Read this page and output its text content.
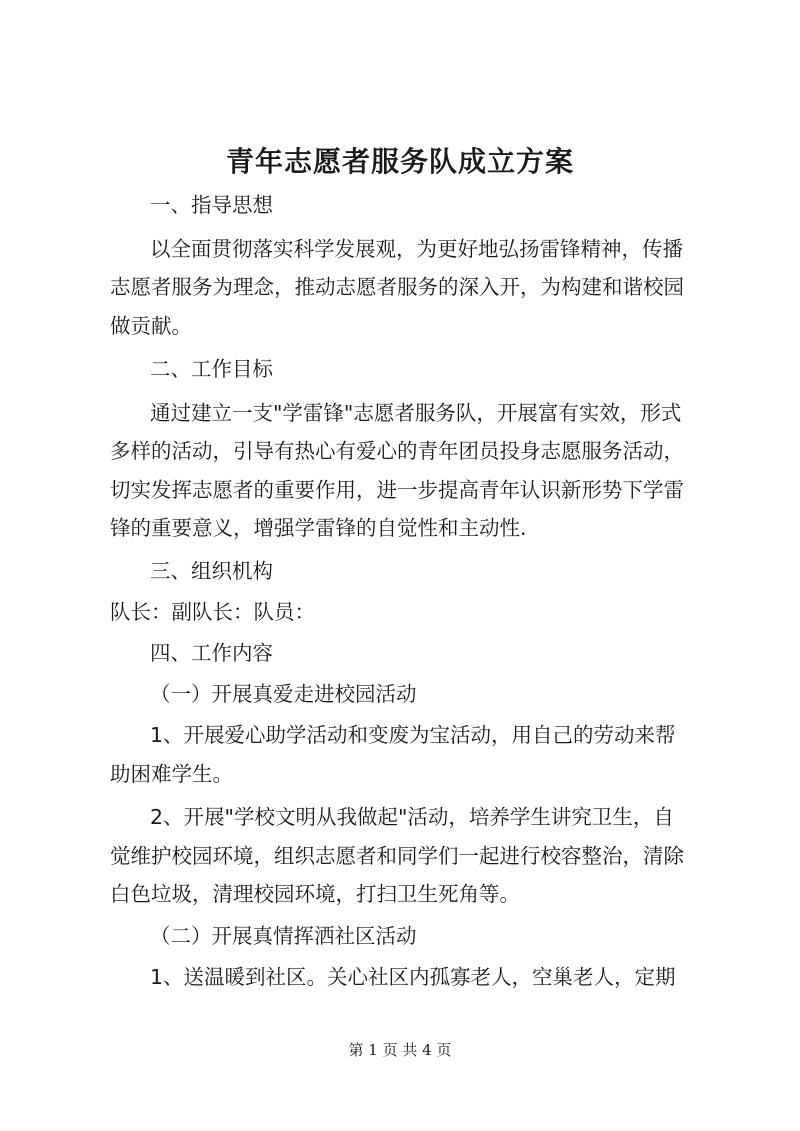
青年志愿者服务队成立方案
一、指导思想
以全面贯彻落实科学发展观，为更好地弘扬雷锋精神，传播
志愿者服务为理念，推动志愿者服务的深入开，为构建和谐校园
做贡献。
二、工作目标
通过建立一支"学雷锋"志愿者服务队，开展富有实效，形式
多样的活动，引导有热心有爱心的青年团员投身志愿服务活动，
切实发挥志愿者的重要作用，进一步提高青年认识新形势下学雷
锋的重要意义，增强学雷锋的自觉性和主动性.
三、组织机构
队长：副队长：队员：
四、工作内容
（一）开展真爱走进校园活动
1、开展爱心助学活动和变废为宝活动，用自己的劳动来帮
助困难学生。
2、开展"学校文明从我做起"活动，培养学生讲究卫生，自
觉维护校园环境，组织志愿者和同学们一起进行校容整治，清除
白色垃圾，清理校园环境，打扫卫生死角等。
（二）开展真情挥洒社区活动
1、送温暖到社区。关心社区内孤寡老人，空巢老人，定期
第 1 页 共 4 页
